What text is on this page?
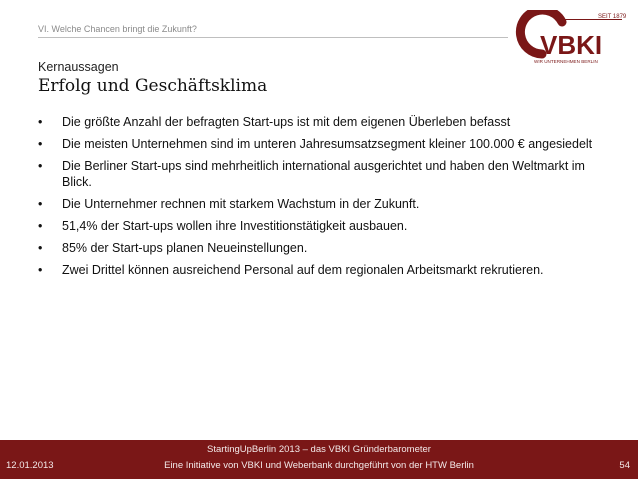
VI. Welche Chancen bringt die Zukunft?
SEIT 1879
VBKI
WIR UNTERNEHMEN BERLIN
Kernaussagen
Erfolg und Geschäftsklima
•	Die größte Anzahl der befragten Start-ups ist mit dem eigenen Überleben befasst
•	Die meisten Unternehmen sind im unteren Jahresumsatzsegment kleiner 100.000 € angesiedelt
•	Die Berliner Start-ups sind mehrheitlich international ausgerichtet und haben den Weltmarkt im Blick.
•	Die Unternehmer rechnen mit starkem Wachstum in der Zukunft.
•	51,4% der Start-ups wollen ihre Investitionstätigkeit ausbauen.
•	85% der Start-ups planen Neueinstellungen.
•	Zwei Drittel können ausreichend Personal auf dem regionalen Arbeitsmarkt rekrutieren.
StartingUpBerlin 2013 – das VBKI Gründerbarometer
Eine Initiative von VBKI und Weberbank durchgeführt von der HTW Berlin
12.01.2013	54
